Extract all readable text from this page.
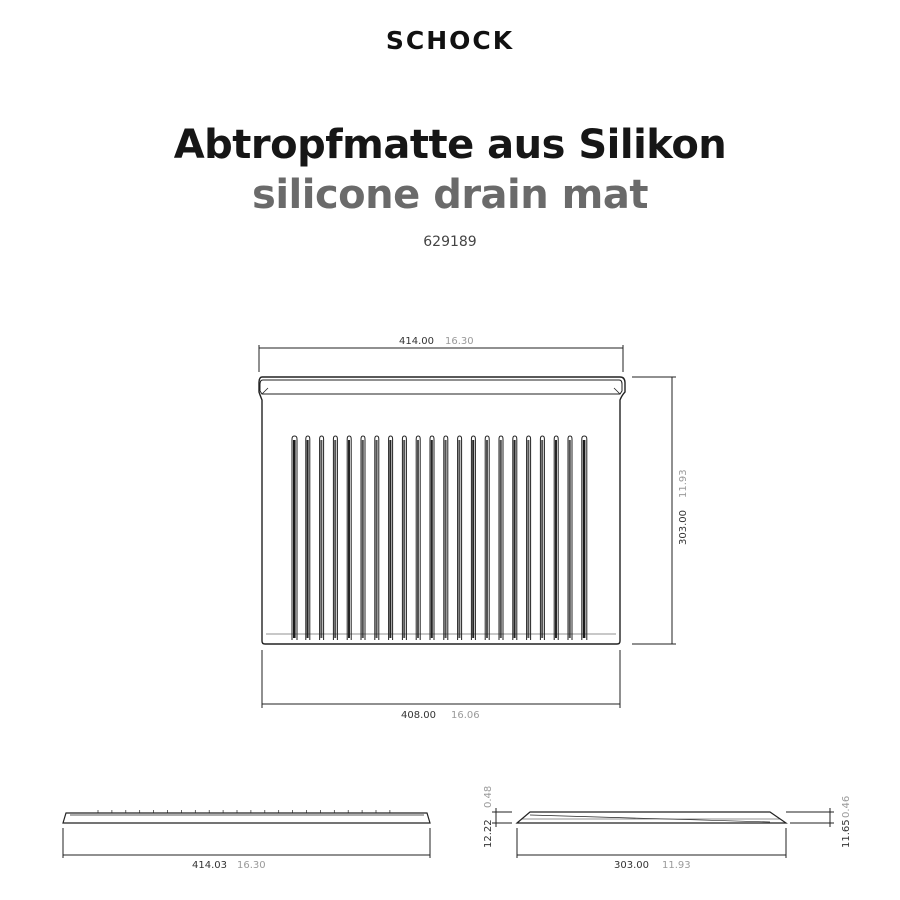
SCHOCK
Abtropfmatte aus Silikon
silicone drain mat
629189
414.00 16.30
303.00
11.93
408.00 16.06
414.03 16.30
0.48
12.22
0.46
11.65
303.00 11.93
